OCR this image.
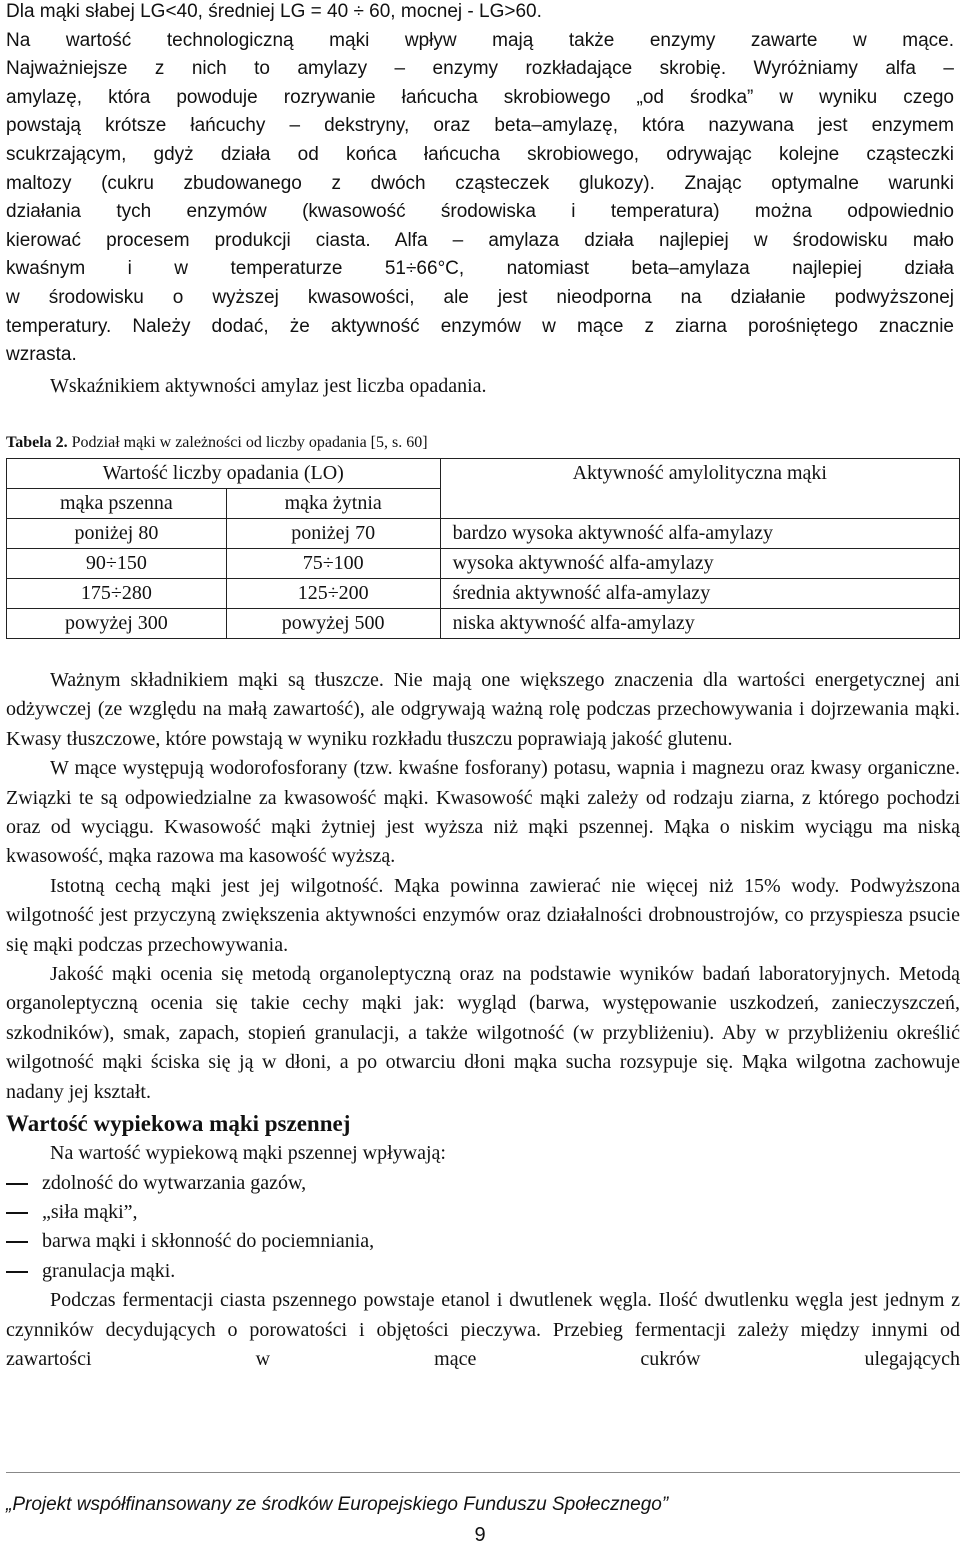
Dla mąki słabej LG<40, średniej LG = 40 ÷ 60, mocnej - LG>60.
Na wartość technologiczną mąki wpływ mają także enzymy zawarte w mące.
Najważniejsze z nich to amylazy – enzymy rozkładające skrobię. Wyróżniamy alfa –
amylazę, która powoduje rozrywanie łańcucha skrobiowego „od środka” w wyniku czego
powstają krótsze łańcuchy – dekstryny, oraz beta–amylazę, która nazywana jest enzymem
scukrzającym, gdyż działa od końca łańcucha skrobiowego, odrywając kolejne cząsteczki
maltozy (cukru zbudowanego z dwóch cząsteczek glukozy). Znając optymalne warunki
działania tych enzymów (kwasowość środowiska i temperatura) można odpowiednio
kierować procesem produkcji ciasta. Alfa – amylaza działa najlepiej w środowisku mało
kwaśnym i w temperaturze 51÷66°C, natomiast beta–amylaza najlepiej działa
w środowisku o wyższej kwasowości, ale jest nieodporna na działanie podwyższonej
temperatury. Należy dodać, że aktywność enzymów w mące z ziarna porośniętego znacznie
wzrasta.

Wskaźnikiem aktywności amylaz jest liczba opadania.

Tabela 2. Podział mąki w zależności od liczby opadania [5, s. 60]
Wartość liczby opadania (LO)		Aktywność amylolityczna mąki
mąka pszenna	mąka żytnia	
poniżej 80	poniżej 70	bardzo wysoka aktywność alfa-amylazy
90÷150	75÷100	wysoka aktywność alfa-amylazy
175÷280	125÷200	średnia aktywność alfa-amylazy
powyżej 300	powyżej 500	niska aktywność alfa-amylazy

Ważnym składnikiem mąki są tłuszcze. Nie mają one większego znaczenia dla wartości energetycznej ani odżywczej (ze względu na małą zawartość), ale odgrywają ważną rolę podczas przechowywania i dojrzewania mąki. Kwasy tłuszczowe, które powstają w wyniku rozkładu tłuszczu poprawiają jakość glutenu.

W mące występują wodorofosforany (tzw. kwaśne fosforany) potasu, wapnia i magnezu oraz kwasy organiczne. Związki te są odpowiedzialne za kwasowość mąki. Kwasowość mąki zależy od rodzaju ziarna, z którego pochodzi oraz od wyciągu. Kwasowość mąki żytniej jest wyższa niż mąki pszennej. Mąka o niskim wyciągu ma niską kwasowość, mąka razowa ma kasowość wyższą.

Istotną cechą mąki jest jej wilgotność. Mąka powinna zawierać nie więcej niż 15% wody. Podwyższona wilgotność jest przyczyną zwiększenia aktywności enzymów oraz działalności drobnoustrojów, co przyspiesza psucie się mąki podczas przechowywania.

Jakość mąki ocenia się metodą organoleptyczną oraz na podstawie wyników badań laboratoryjnych. Metodą organoleptyczną ocenia się takie cechy mąki jak: wygląd (barwa, występowanie uszkodzeń, zanieczyszczeń, szkodników), smak, zapach, stopień granulacji, a także wilgotność (w przybliżeniu). Aby w przybliżeniu określić wilgotność mąki ściska się ją w dłoni, a po otwarciu dłoni mąka sucha rozsypuje się. Mąka wilgotna zachowuje nadany jej kształt.

Wartość wypiekowa mąki pszennej

Na wartość wypiekową mąki pszennej wpływają:

zdolność do wytwarzania gazów,
„siła mąki”,
barwa mąki i skłonność do pociemniania,
granulacja mąki.

Podczas fermentacji ciasta pszennego powstaje etanol i dwutlenek węgla. Ilość dwutlenku węgla jest jednym z czynników decydujących o porowatości i objętości pieczywa. Przebieg fermentacji zależy między innymi od zawartości w mące cukrów ulegających

„Projekt współfinansowany ze środków Europejskiego Funduszu Społecznego”
9
